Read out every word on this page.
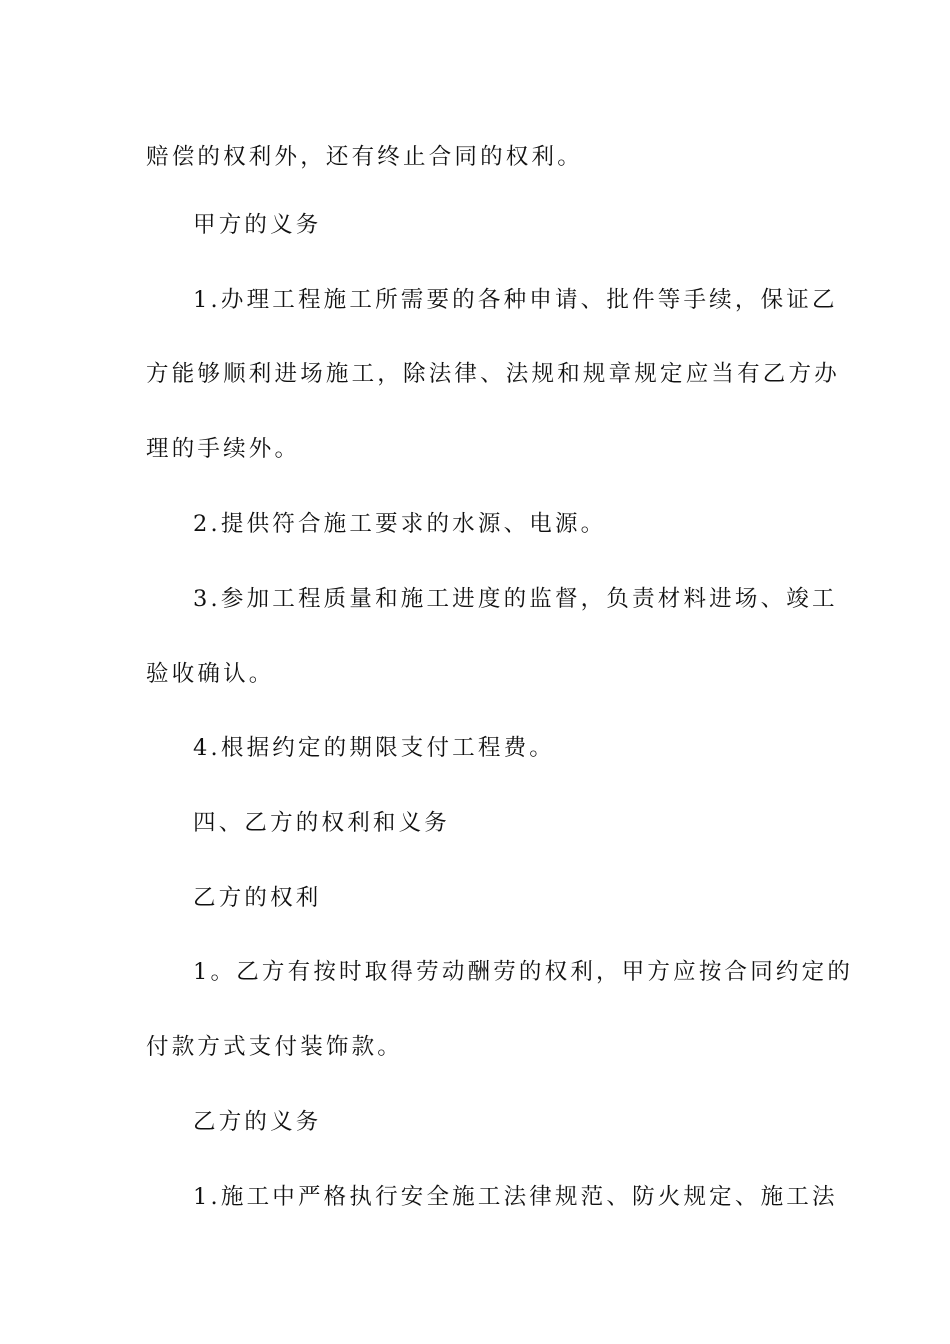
赔偿的权利外，还有终止合同的权利。
甲方的义务
1.办理工程施工所需要的各种申请、批件等手续，保证乙
方能够顺利进场施工，除法律、法规和规章规定应当有乙方办
理的手续外。
2.提供符合施工要求的水源、电源。
3.参加工程质量和施工进度的监督，负责材料进场、竣工
验收确认。
4.根据约定的期限支付工程费。
四、乙方的权利和义务
乙方的权利
1。乙方有按时取得劳动酬劳的权利，甲方应按合同约定的
付款方式支付装饰款。
乙方的义务
1.施工中严格执行安全施工法律规范、防火规定、施工法
